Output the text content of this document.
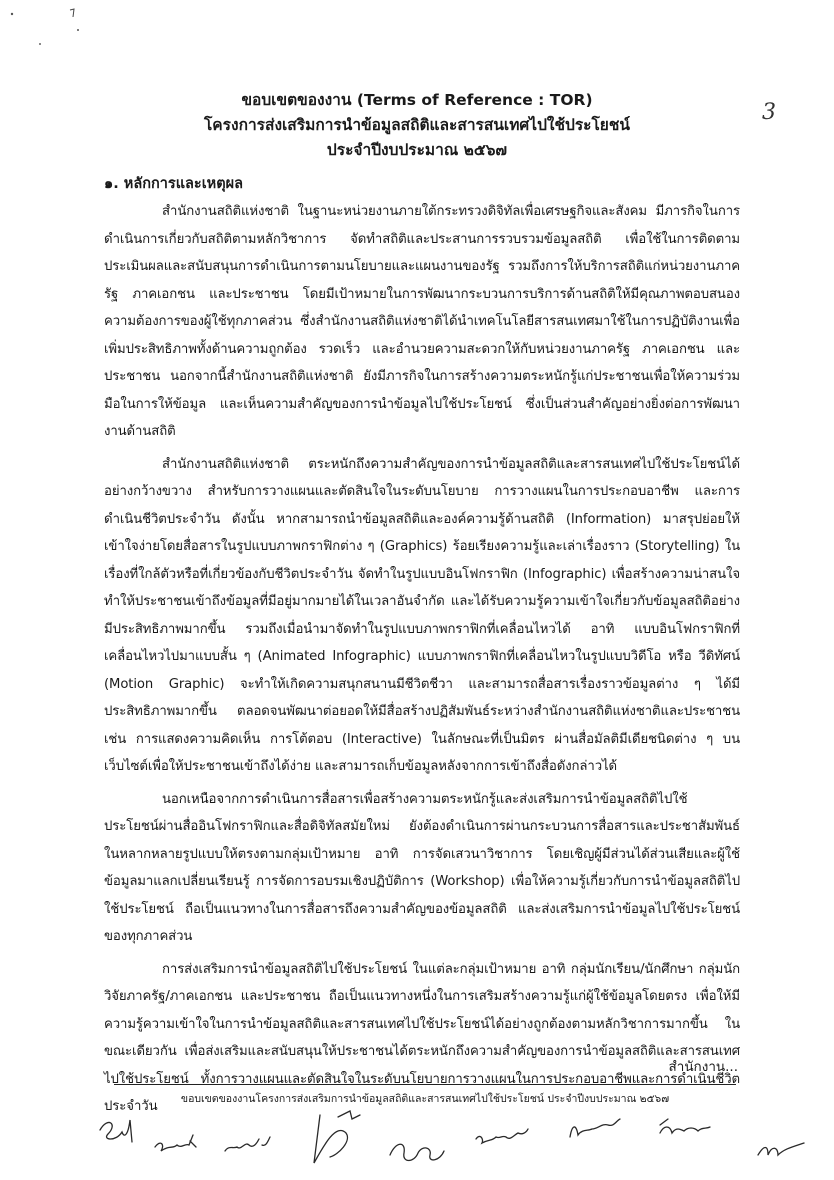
3
ขอบเขตของงาน (Terms of Reference : TOR)
โครงการส่งเสริมการนำข้อมูลสถิติและสารสนเทศไปใช้ประโยชน์
ประจำปีงบประมาณ ๒๕๖๗
๑. หลักการและเหตุผล

สำนักงานสถิติแห่งชาติ ในฐานะหน่วยงานภายใต้กระทรวงดิจิทัลเพื่อเศรษฐกิจและสังคม มีภารกิจในการดำเนินการเกี่ยวกับสถิติตามหลักวิชาการ จัดทำสถิติและประสานการรวบรวมข้อมูลสถิติ เพื่อใช้ในการติดตามประเมินผลและสนับสนุนการดำเนินการตามนโยบายและแผนงานของรัฐ รวมถึงการให้บริการสถิติแก่หน่วยงานภาครัฐ ภาคเอกชน และประชาชน โดยมีเป้าหมายในการพัฒนากระบวนการบริการด้านสถิติให้มีคุณภาพตอบสนองความต้องการของผู้ใช้ทุกภาคส่วน ซึ่งสำนักงานสถิติแห่งชาติได้นำเทคโนโลยีสารสนเทศมาใช้ในการปฏิบัติงานเพื่อเพิ่มประสิทธิภาพทั้งด้านความถูกต้อง รวดเร็ว และอำนวยความสะดวกให้กับหน่วยงานภาครัฐ ภาคเอกชน และประชาชน นอกจากนี้สำนักงานสถิติแห่งชาติ ยังมีภารกิจในการสร้างความตระหนักรู้แก่ประชาชนเพื่อให้ความร่วมมือในการให้ข้อมูล และเห็นความสำคัญของการนำข้อมูลไปใช้ประโยชน์ ซึ่งเป็นส่วนสำคัญอย่างยิ่งต่อการพัฒนางานด้านสถิติ

สำนักงานสถิติแห่งชาติ ตระหนักถึงความสำคัญของการนำข้อมูลสถิติและสารสนเทศไปใช้ประโยชน์ได้อย่างกว้างขวาง สำหรับการวางแผนและตัดสินใจในระดับนโยบาย การวางแผนในการประกอบอาชีพ และการดำเนินชีวิตประจำวัน ดังนั้น หากสามารถนำข้อมูลสถิติและองค์ความรู้ด้านสถิติ (Information) มาสรุปย่อยให้เข้าใจง่ายโดยสื่อสารในรูปแบบภาพกราฟิกต่าง ๆ (Graphics) ร้อยเรียงความรู้และเล่าเรื่องราว (Storytelling) ในเรื่องที่ใกล้ตัวหรือที่เกี่ยวข้องกับชีวิตประจำวัน จัดทำในรูปแบบอินโฟกราฟิก (Infographic) เพื่อสร้างความน่าสนใจทำให้ประชาชนเข้าถึงข้อมูลที่มีอยู่มากมายได้ในเวลาอันจำกัด และได้รับความรู้ความเข้าใจเกี่ยวกับข้อมูลสถิติอย่างมีประสิทธิภาพมากขึ้น รวมถึงเมื่อนำมาจัดทำในรูปแบบภาพกราฟิกที่เคลื่อนไหวได้ อาทิ แบบอินโฟกราฟิกที่เคลื่อนไหวไปมาแบบสั้น ๆ (Animated Infographic) แบบภาพกราฟิกที่เคลื่อนไหวในรูปแบบวิดีโอ หรือ วีดิทัศน์ (Motion Graphic) จะทำให้เกิดความสนุกสนานมีชีวิตชีวา และสามารถสื่อสารเรื่องราวข้อมูลต่าง ๆ ได้มีประสิทธิภาพมากขึ้น ตลอดจนพัฒนาต่อยอดให้มีสื่อสร้างปฏิสัมพันธ์ระหว่างสำนักงานสถิติแห่งชาติและประชาชน เช่น การแสดงความคิดเห็น การโต้ตอบ (Interactive) ในลักษณะที่เป็นมิตร ผ่านสื่อมัลติมีเดียชนิดต่าง ๆ บนเว็บไซต์เพื่อให้ประชาชนเข้าถึงได้ง่าย และสามารถเก็บข้อมูลหลังจากการเข้าถึงสื่อดังกล่าวได้

นอกเหนือจากการดำเนินการสื่อสารเพื่อสร้างความตระหนักรู้และส่งเสริมการนำข้อมูลสถิติไปใช้ประโยชน์ผ่านสื่ออินโฟกราฟิกและสื่อดิจิทัลสมัยใหม่ ยังต้องดำเนินการผ่านกระบวนการสื่อสารและประชาสัมพันธ์ในหลากหลายรูปแบบให้ตรงตามกลุ่มเป้าหมาย อาทิ การจัดเสวนาวิชาการ โดยเชิญผู้มีส่วนได้ส่วนเสียและผู้ใช้ข้อมูลมาแลกเปลี่ยนเรียนรู้ การจัดการอบรมเชิงปฏิบัติการ (Workshop) เพื่อให้ความรู้เกี่ยวกับการนำข้อมูลสถิติไปใช้ประโยชน์ ถือเป็นแนวทางในการสื่อสารถึงความสำคัญของข้อมูลสถิติ และส่งเสริมการนำข้อมูลไปใช้ประโยชน์ของทุกภาคส่วน

การส่งเสริมการนำข้อมูลสถิติไปใช้ประโยชน์ ในแต่ละกลุ่มเป้าหมาย อาทิ กลุ่มนักเรียน/นักศึกษา กลุ่มนักวิจัยภาครัฐ/ภาคเอกชน และประชาชน ถือเป็นแนวทางหนึ่งในการเสริมสร้างความรู้แก่ผู้ใช้ข้อมูลโดยตรง เพื่อให้มีความรู้ความเข้าใจในการนำข้อมูลสถิติและสารสนเทศไปใช้ประโยชน์ได้อย่างถูกต้องตามหลักวิชาการมากขึ้น ในขณะเดียวกัน เพื่อส่งเสริมและสนับสนุนให้ประชาชนได้ตระหนักถึงความสำคัญของการนำข้อมูลสถิติและสารสนเทศไปใช้ประโยชน์ ทั้งการวางแผนและตัดสินใจในระดับนโยบายการวางแผนในการประกอบอาชีพและการดำเนินชีวิตประจำวัน

สำนักงาน...
ขอบเขตของงานโครงการส่งเสริมการนำข้อมูลสถิติและสารสนเทศไปใช้ประโยชน์ ประจำปีงบประมาณ ๒๕๖๗
